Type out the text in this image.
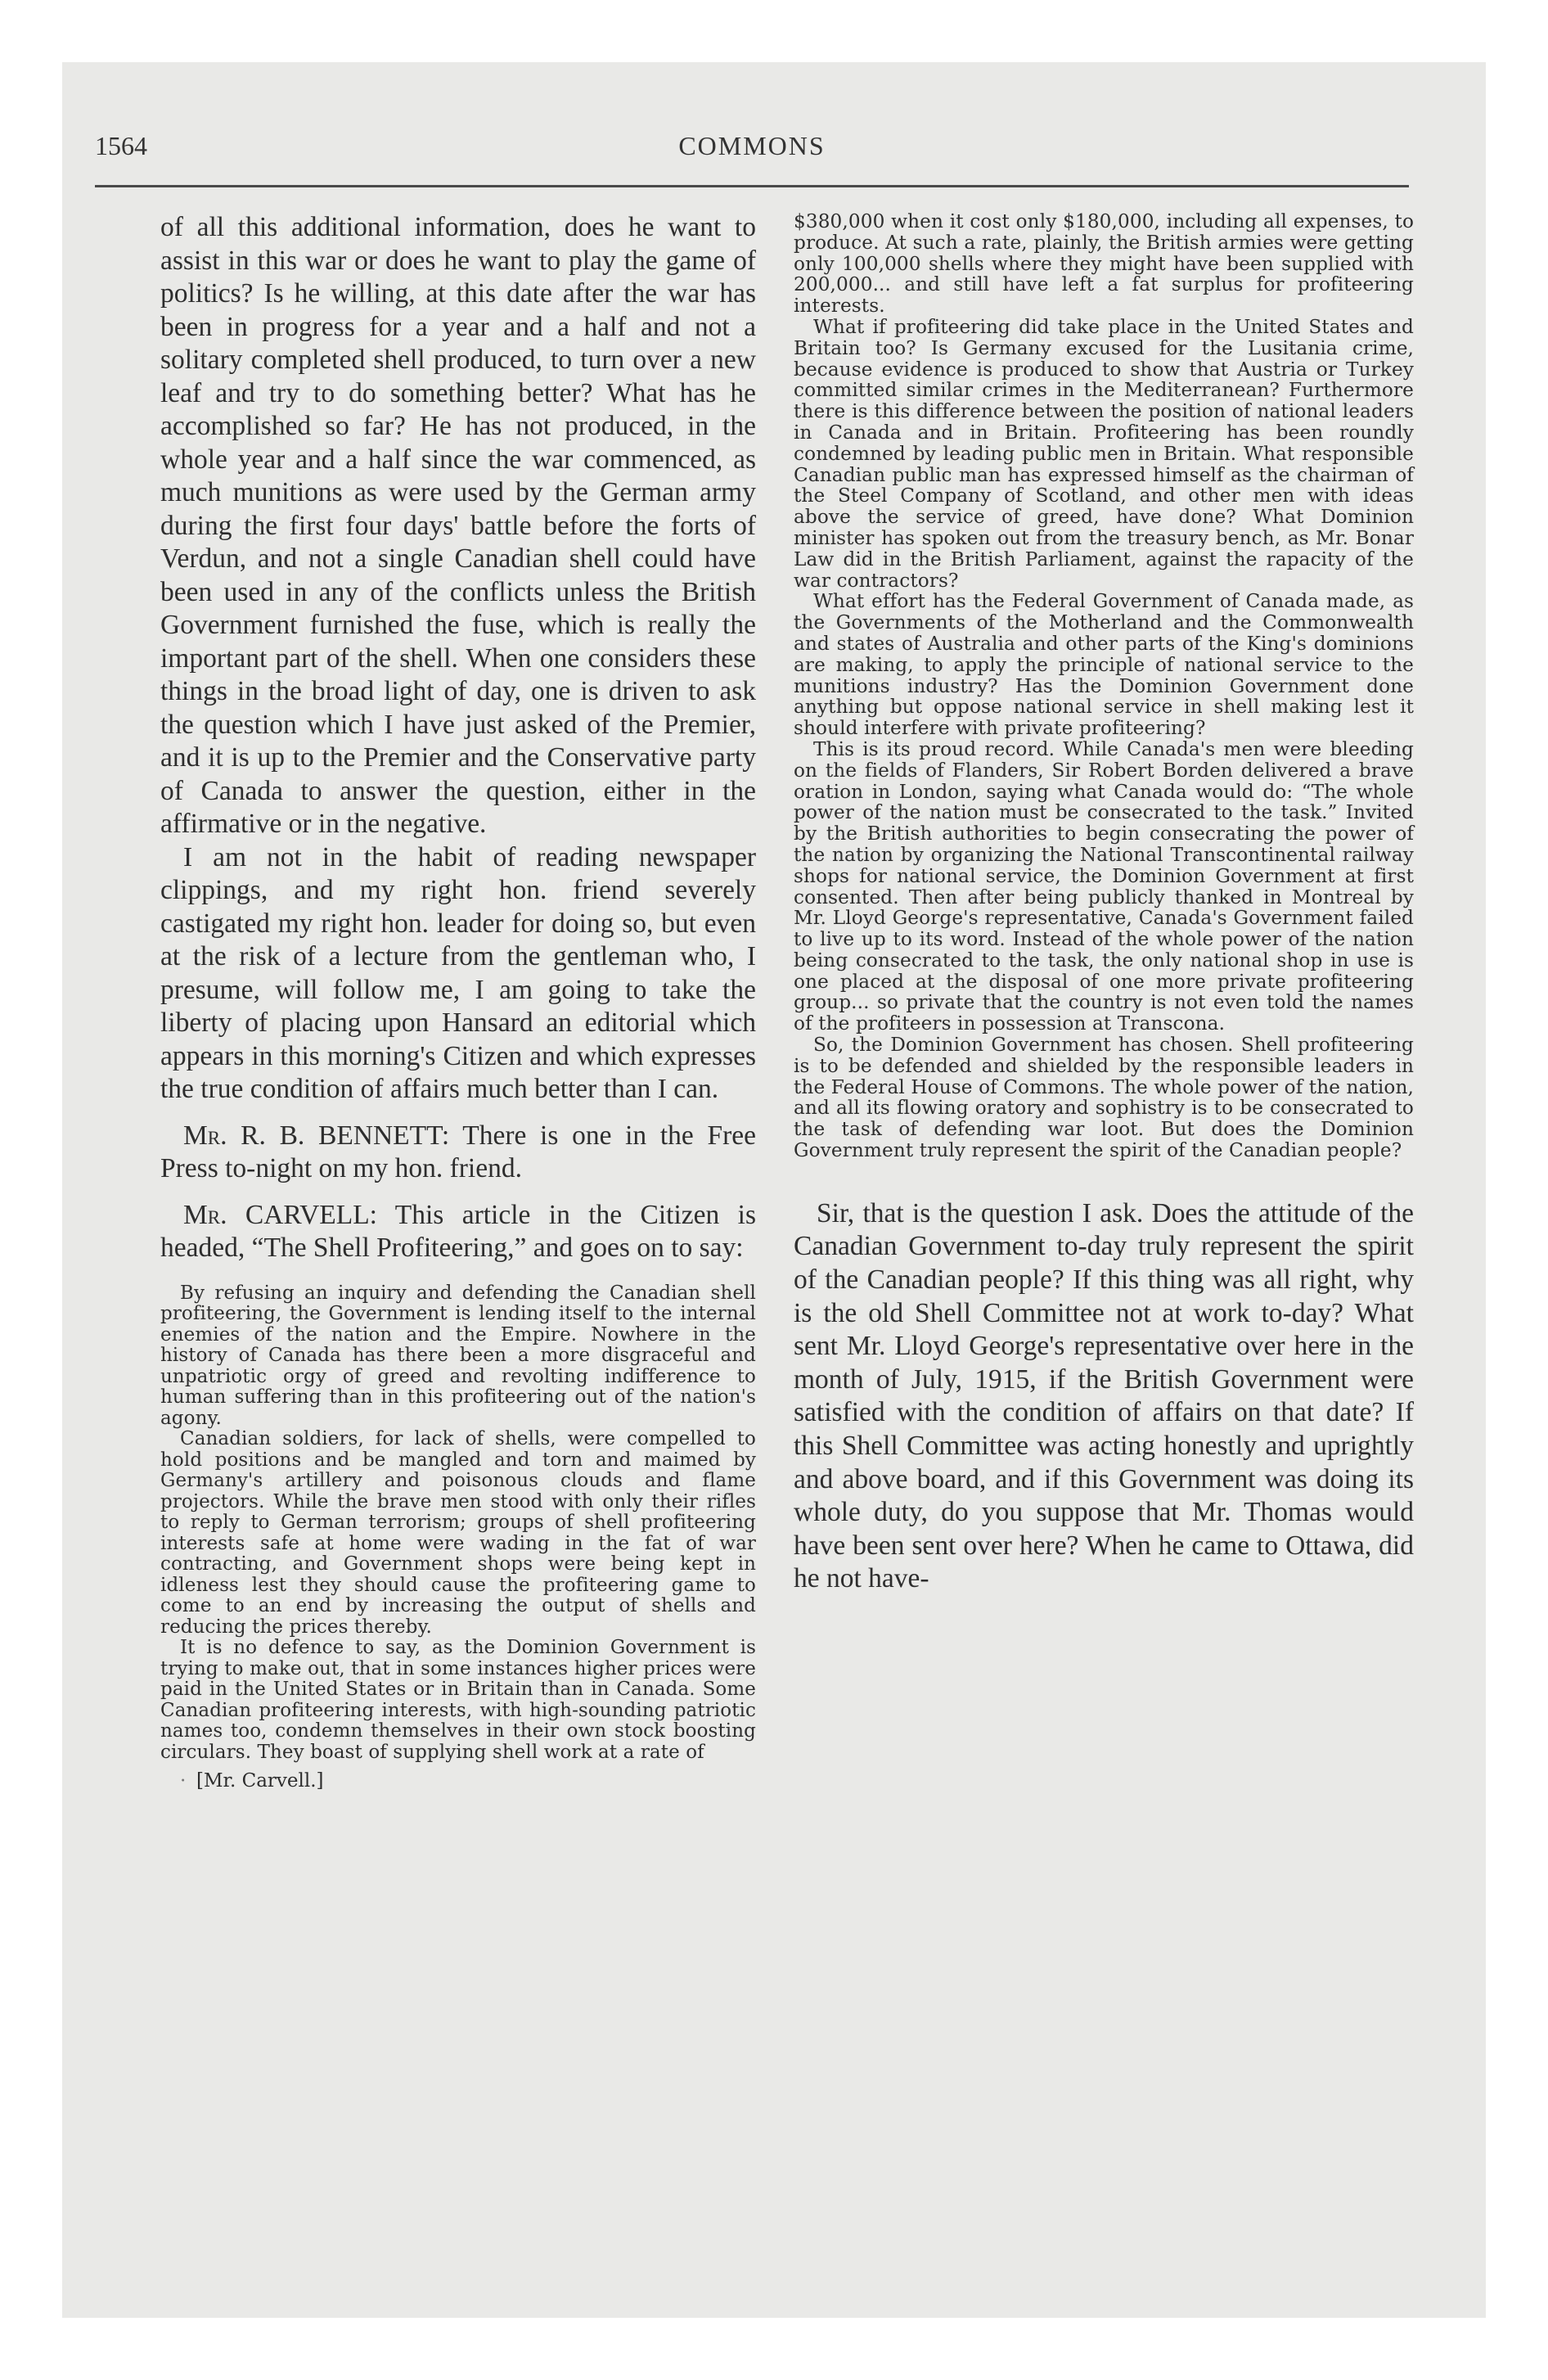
1564	COMMONS

of all this additional information, does he want to assist in this war or does he want to play the game of politics? Is he willing, at this date after the war has been in progress for a year and a half and not a solitary completed shell produced, to turn over a new leaf and try to do something better? What has he accomplished so far? He has not produced, in the whole year and a half since the war commenced, as much munitions as were used by the German army during the first four days' battle before the forts of Verdun, and not a single Canadian shell could have been used in any of the conflicts unless the British Government furnished the fuse, which is really the important part of the shell. When one considers these things in the broad light of day, one is driven to ask the question which I have just asked of the Premier, and it is up to the Premier and the Conservative party of Canada to answer the question, either in the affirmative or in the negative.

I am not in the habit of reading newspaper clippings, and my right hon. friend severely castigated my right hon. leader for doing so, but even at the risk of a lecture from the gentleman who, I presume, will follow me, I am going to take the liberty of placing upon Hansard an editorial which appears in this morning's Citizen and which expresses the true condition of affairs much better than I can.

Mr. R. B. BENNETT: There is one in the Free Press to-night on my hon. friend.

Mr. CARVELL: This article in the Citizen is headed, “The Shell Profiteering,” and goes on to say:

By refusing an inquiry and defending the Canadian shell profiteering, the Government is lending itself to the internal enemies of the nation and the Empire. Nowhere in the history of Canada has there been a more disgraceful and unpatriotic orgy of greed and revolting indifference to human suffering than in this profiteering out of the nation's agony.

Canadian soldiers, for lack of shells, were compelled to hold positions and be mangled and torn and maimed by Germany's artillery and poisonous clouds and flame projectors. While the brave men stood with only their rifles to reply to German terrorism; groups of shell profiteering interests safe at home were wading in the fat of war contracting, and Government shops were being kept in idleness lest they should cause the profiteering game to come to an end by increasing the output of shells and reducing the prices thereby.

It is no defence to say, as the Dominion Government is trying to make out, that in some instances higher prices were paid in the United States or in Britain than in Canada. Some Canadian profiteering interests, with high-sounding patriotic names too, condemn themselves in their own stock boosting circulars. They boast of supplying shell work at a rate of

· [Mr. Carvell.]

$380,000 when it cost only $180,000, including all expenses, to produce. At such a rate, plainly, the British armies were getting only 100,000 shells where they might have been supplied with 200,000... and still have left a fat surplus for profiteering interests.

What if profiteering did take place in the United States and Britain too? Is Germany excused for the Lusitania crime, because evidence is produced to show that Austria or Turkey committed similar crimes in the Mediterranean? Furthermore there is this difference between the position of national leaders in Canada and in Britain. Profiteering has been roundly condemned by leading public men in Britain. What responsible Canadian public man has expressed himself as the chairman of the Steel Company of Scotland, and other men with ideas above the service of greed, have done? What Dominion minister has spoken out from the treasury bench, as Mr. Bonar Law did in the British Parliament, against the rapacity of the war contractors?

What effort has the Federal Government of Canada made, as the Governments of the Motherland and the Commonwealth and states of Australia and other parts of the King's dominions are making, to apply the principle of national service to the munitions industry? Has the Dominion Government done anything but oppose national service in shell making lest it should interfere with private profiteering?

This is its proud record. While Canada's men were bleeding on the fields of Flanders, Sir Robert Borden delivered a brave oration in London, saying what Canada would do: “The whole power of the nation must be consecrated to the task.” Invited by the British authorities to begin consecrating the power of the nation by organizing the National Transcontinental railway shops for national service, the Dominion Government at first consented. Then after being publicly thanked in Montreal by Mr. Lloyd George's representative, Canada's Government failed to live up to its word. Instead of the whole power of the nation being consecrated to the task, the only national shop in use is one placed at the disposal of one more private profiteering group... so private that the country is not even told the names of the profiteers in possession at Transcona.

So, the Dominion Government has chosen. Shell profiteering is to be defended and shielded by the responsible leaders in the Federal House of Commons. The whole power of the nation, and all its flowing oratory and sophistry is to be consecrated to the task of defending war loot. But does the Dominion Government truly represent the spirit of the Canadian people?

Sir, that is the question I ask. Does the attitude of the Canadian Government to-day truly represent the spirit of the Canadian people? If this thing was all right, why is the old Shell Committee not at work to-day? What sent Mr. Lloyd George's representative over here in the month of July, 1915, if the British Government were satisfied with the condition of affairs on that date? If this Shell Committee was acting honestly and uprightly and above board, and if this Government was doing its whole duty, do you suppose that Mr. Thomas would have been sent over here? When he came to Ottawa, did he not have-
